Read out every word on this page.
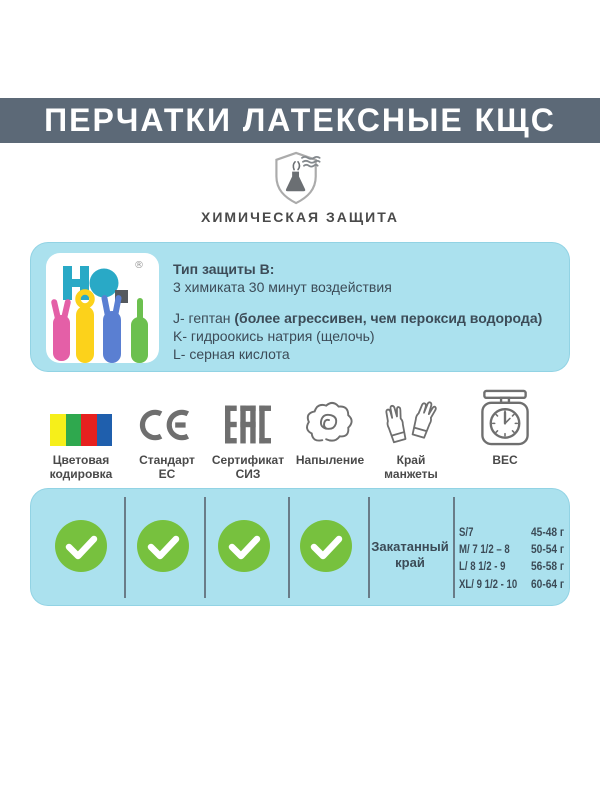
ПЕРЧАТКИ ЛАТЕКСНЫЕ КЩС
ХИМИЧЕСКАЯ ЗАЩИТА
® Тип защиты В:
3 химиката 30 минут воздействия
J- гептан (более агрессивен, чем пероксид водорода)
K- гидроокись натрия (щелочь)
L- серная кислота
Цветовая кодировка
Стандарт ЕС
Сертификат СИЗ
Напыление	Край манжеты
ВЕС
Закатанный край
S/7	45-48 г
M/ 7 1/2 – 8 50-54 г
L/ 8 1/2 - 9 56-58 г
XL/ 9 1/2 - 10 60-64 г
